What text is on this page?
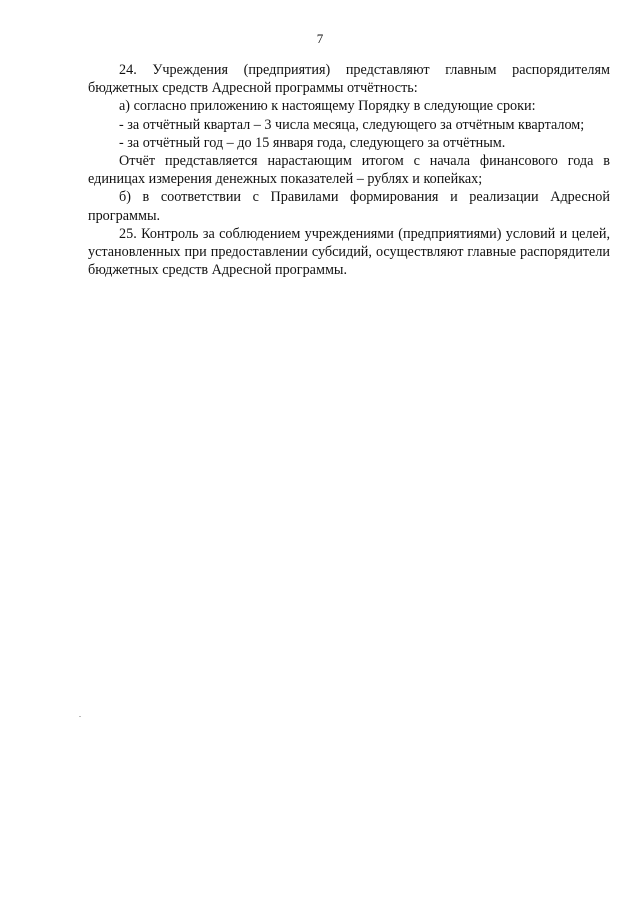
7

24. Учреждения (предприятия) представляют главным распорядителям бюджетных средств Адресной программы отчётность:

а) согласно приложению к настоящему Порядку в следующие сроки:

- за отчётный квартал – 3 числа месяца, следующего за отчётным кварталом;

- за отчётный год – до 15 января года, следующего за отчётным.

Отчёт представляется нарастающим итогом с начала финансового года в единицах измерения денежных показателей – рублях и копейках;

б) в соответствии с Правилами формирования и реализации Адресной программы.

25. Контроль за соблюдением учреждениями (предприятиями) условий и целей, установленных при предоставлении субсидий, осуществляют главные распорядители бюджетных средств Адресной программы.
